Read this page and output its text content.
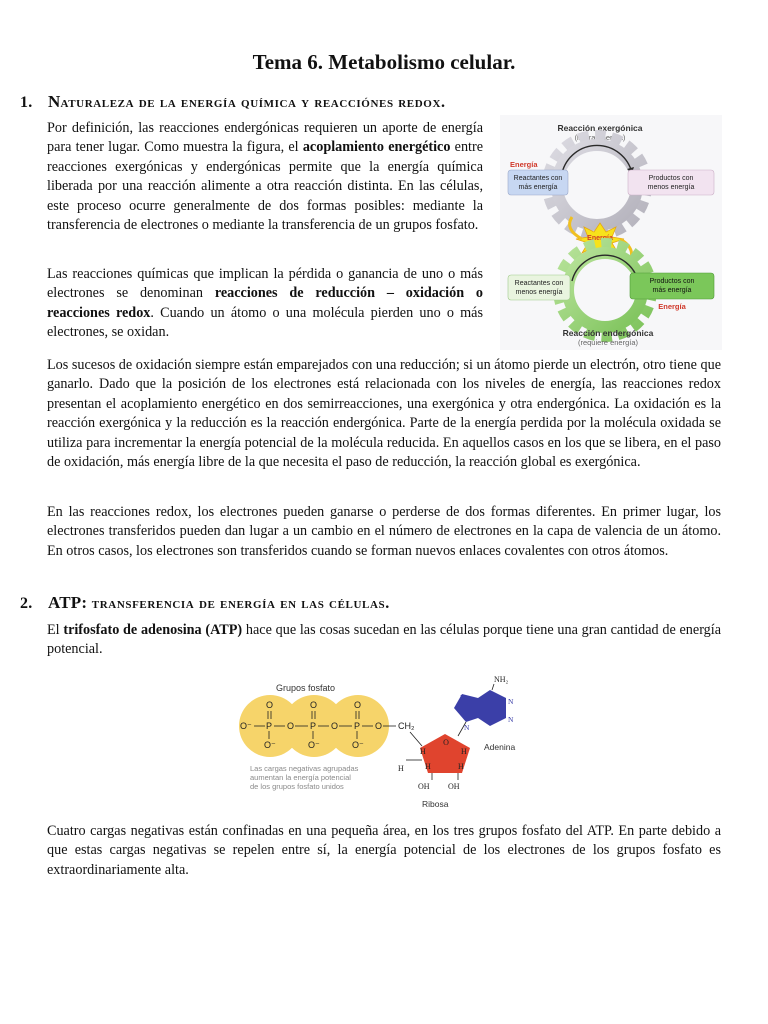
Tema 6. Metabolismo celular.
1. Naturaleza de la energía química y reacciónes redox.

Por definición, las reacciones endergónicas requieren un aporte de energía para tener lugar. Como muestra la figura, el acoplamiento energético entre reacciones exergónicas y endergónicas permite que la energía química liberada por una reacción alimente a otra reacción distinta. En las células, este proceso ocurre generalmente de dos formas posibles: mediante la transferencia de electrones o mediante la transferencia de un grupos fosfato.

Las reacciones químicas que implican la pérdida o ganancia de uno o más electrones se denominan reacciones de reducción – oxidación o reacciones redox. Cuando un átomo o una molécula pierden uno o más electrones, se oxidan.

Reacción exergónica
(libera energía)
Energía
Reactantes con
más energía
Productos con
menos energía
Energía
Reactantes con
menos energía
Productos con
más energía
Energía
Reacción endergónica
(requiere energía)

Los sucesos de oxidación siempre están emparejados con una reducción; si un átomo pierde un electrón, otro tiene que ganarlo. Dado que la posición de los electrones está relacionada con los niveles de energía, las reacciones redox presentan el acoplamiento energético en dos semirreacciones, una exergónica y otra endergónica. La oxidación es la reacción exergónica y la reducción es la reacción endergónica. Parte de la energía perdida por la molécula oxidada se utiliza para incrementar la energía potencial de la molécula reducida. En aquellos casos en los que se libera, en el paso de oxidación, más energía libre de la que necesita el paso de reducción, la reacción global es exergónica.

En las reacciones redox, los electrones pueden ganarse o perderse de dos formas diferentes. En primer lugar, los electrones transferidos pueden dan lugar a un cambio en el número de electrones en la capa de valencia de un átomo. En otros casos, los electrones son transferidos cuando se forman nuevos enlaces covalentes con otros átomos.

2. ATP: transferencia de energía en las células.

El trifosfato de adenosina (ATP) hace que las cosas sucedan en las células porque tiene una gran cantidad de energía potencial.

Grupos fosfato
O⁻ P O P O P O CH₂
O	O	O
O⁻	O⁻	O⁻	O
H	H
H	H
H
OH OH
Ribosa
NH₂
N	N
N
N
Adenina
Las cargas negativas agrupadas
aumentan la energía potencial
de los grupos fosfato unidos

Cuatro cargas negativas están confinadas en una pequeña área, en los tres grupos fosfato del ATP. En parte debido a que estas cargas negativas se repelen entre sí, la energía potencial de los electrones de los grupos fosfato es extraordinariamente alta.
